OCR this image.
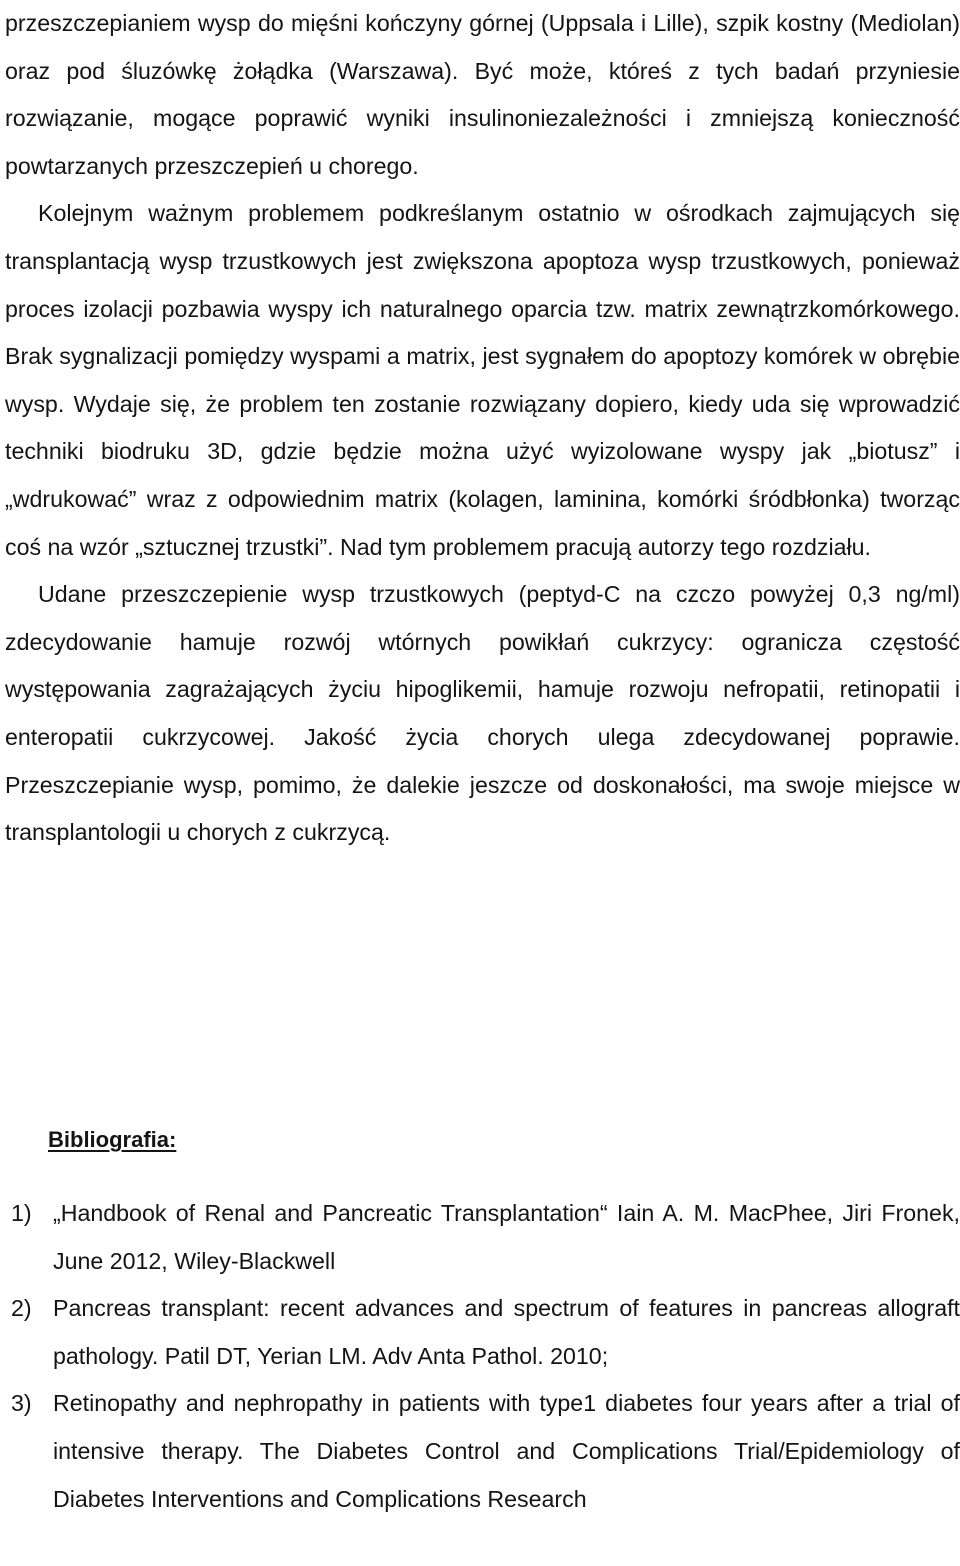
przeszczepianiem wysp do mięśni kończyny górnej (Uppsala i Lille), szpik kostny (Mediolan) oraz pod śluzówkę żołądka (Warszawa). Być może, któreś z tych badań przyniesie rozwiązanie, mogące poprawić wyniki insulinoniezależności i zmniejszą konieczność powtarzanych przeszczepień u chorego.

Kolejnym ważnym problemem podkreślanym ostatnio w ośrodkach zajmujących się transplantacją wysp trzustkowych jest zwiększona apoptoza wysp trzustkowych, ponieważ proces izolacji pozbawia wyspy ich naturalnego oparcia tzw. matrix zewnątrzkomórkowego. Brak sygnalizacji pomiędzy wyspami a matrix, jest sygnałem do apoptozy komórek w obrębie wysp. Wydaje się, że problem ten zostanie rozwiązany dopiero, kiedy uda się wprowadzić techniki biodruku 3D, gdzie będzie można użyć wyizolowane wyspy jak „biotusz” i „wdrukować” wraz z odpowiednim matrix (kolagen, laminina, komórki śródbłonka) tworząc coś na wzór „sztucznej trzustki”. Nad tym problemem pracują autorzy tego rozdziału.

Udane przeszczepienie wysp trzustkowych (peptyd-C na czczo powyżej 0,3 ng/ml) zdecydowanie hamuje rozwój wtórnych powikłań cukrzycy: ogranicza częstość występowania zagrażających życiu hipoglikemii, hamuje rozwoju nefropatii, retinopatii i enteropatii cukrzycowej. Jakość życia chorych ulega zdecydowanej poprawie. Przeszczepianie wysp, pomimo, że dalekie jeszcze od doskonałości, ma swoje miejsce w transplantologii u chorych z cukrzycą.

Bibliografia:
1) „Handbook of Renal and Pancreatic Transplantation“ Iain A. M. MacPhee, Jiri Fronek, June 2012, Wiley-Blackwell
2) Pancreas transplant: recent advances and spectrum of features in pancreas allograft pathology. Patil DT, Yerian LM. Adv Anta Pathol. 2010;
3) Retinopathy and nephropathy in patients with type1 diabetes four years after a trial of intensive therapy. The Diabetes Control and Complications Trial/Epidemiology of Diabetes Interventions and Complications Research
